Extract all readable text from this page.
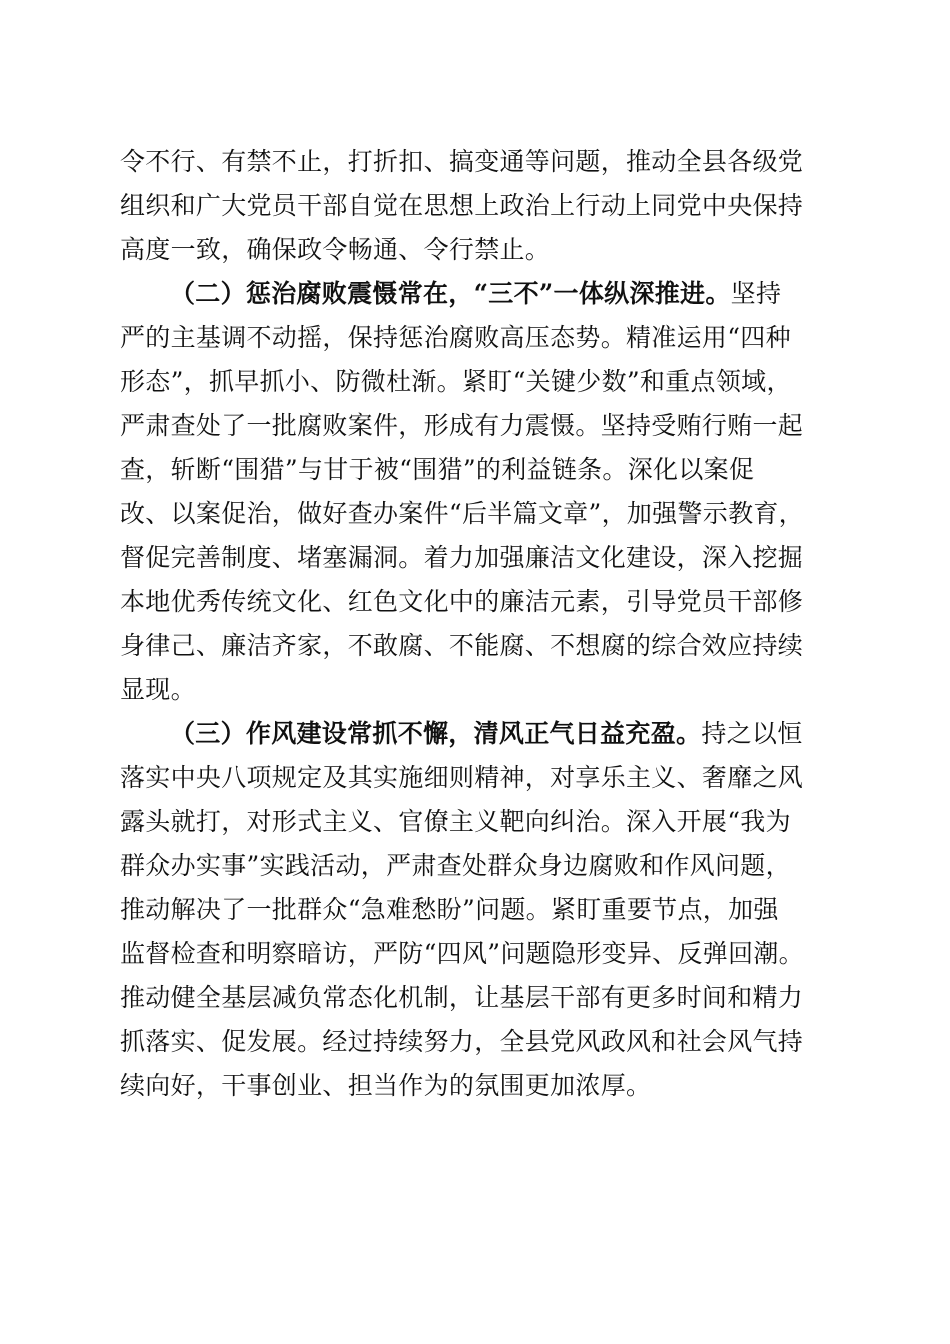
令不行、有禁不止，打折扣、搞变通等问题，推动全县各级党
组织和广大党员干部自觉在思想上政治上行动上同党中央保持
高度一致，确保政令畅通、令行禁止。
（二）惩治腐败震慑常在，“三不”一体纵深推进。坚持
严的主基调不动摇，保持惩治腐败高压态势。精准运用“四种
形态”，抓早抓小、防微杜渐。紧盯“关键少数”和重点领域，
严肃查处了一批腐败案件，形成有力震慑。坚持受贿行贿一起
查，斩断“围猎”与甘于被“围猎”的利益链条。深化以案促
改、以案促治，做好查办案件“后半篇文章”，加强警示教育，
督促完善制度、堵塞漏洞。着力加强廉洁文化建设，深入挖掘
本地优秀传统文化、红色文化中的廉洁元素，引导党员干部修
身律己、廉洁齐家，不敢腐、不能腐、不想腐的综合效应持续
显现。
（三）作风建设常抓不懈，清风正气日益充盈。持之以恒
落实中央八项规定及其实施细则精神，对享乐主义、奢靡之风
露头就打，对形式主义、官僚主义靶向纠治。深入开展“我为
群众办实事”实践活动，严肃查处群众身边腐败和作风问题，
推动解决了一批群众“急难愁盼”问题。紧盯重要节点，加强
监督检查和明察暗访，严防“四风”问题隐形变异、反弹回潮。
推动健全基层减负常态化机制，让基层干部有更多时间和精力
抓落实、促发展。经过持续努力，全县党风政风和社会风气持
续向好，干事创业、担当作为的氛围更加浓厚。
